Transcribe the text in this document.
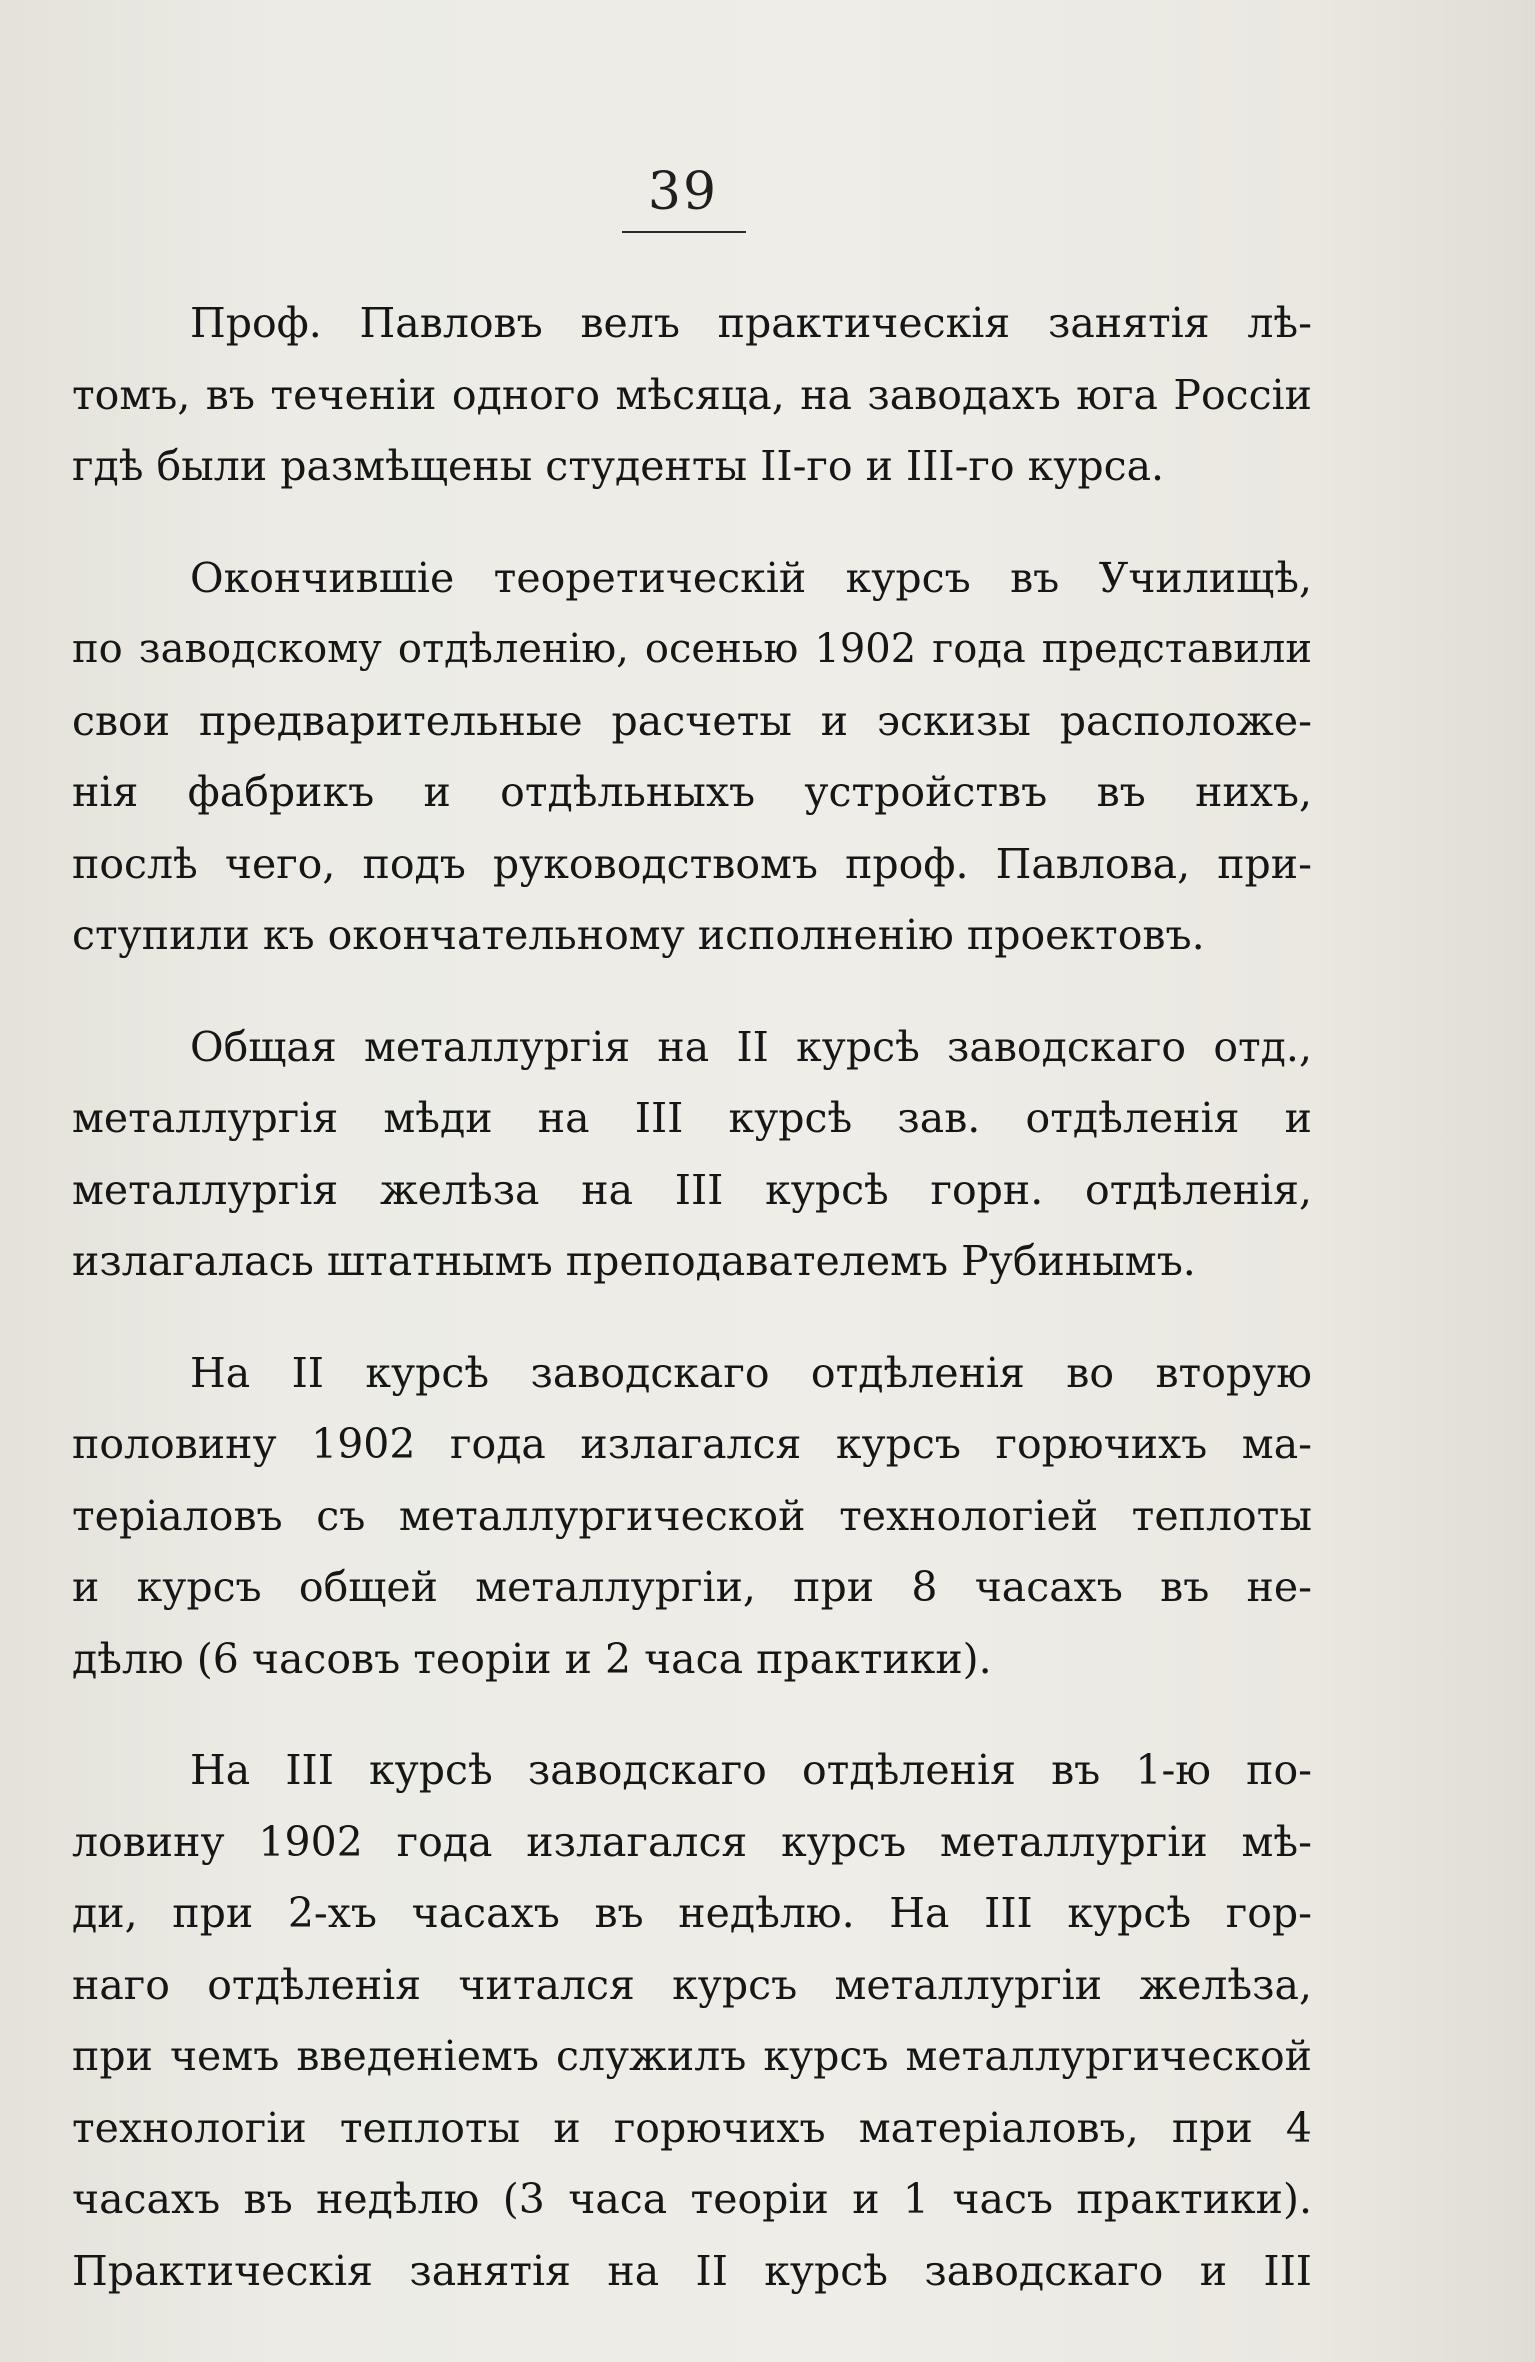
39
Проф. Павловъ велъ практическія занятія лѣ-
томъ, въ теченіи одного мѣсяца, на заводахъ юга Россіи
гдѣ были размѣщены студенты II-го и III-го курса.
Окончившіе теоретическій курсъ въ Училищѣ,
по заводскому отдѣленію, осенью 1902 года представили
свои предварительные расчеты и эскизы расположе-
нія фабрикъ и отдѣльныхъ устройствъ въ нихъ,
послѣ чего, подъ руководствомъ проф. Павлова, при-
ступили къ окончательному исполненію проектовъ.
Общая металлургія на II курсѣ заводскаго отд.,
металлургія мѣди на III курсѣ зав. отдѣленія и
металлургія желѣза на III курсѣ горн. отдѣленія,
излагалась штатнымъ преподавателемъ Рубинымъ.
На II курсѣ заводскаго отдѣленія во вторую
половину 1902 года излагался курсъ горючихъ ма-
теріаловъ съ металлургической технологіей теплоты
и курсъ общей металлургіи, при 8 часахъ въ не-
дѣлю (6 часовъ теоріи и 2 часа практики).
На III курсѣ заводскаго отдѣленія въ 1-ю по-
ловину 1902 года излагался курсъ металлургіи мѣ-
ди, при 2-хъ часахъ въ недѣлю. На III курсѣ гор-
наго отдѣленія читался курсъ металлургіи желѣза,
при чемъ введеніемъ служилъ курсъ металлургической
технологіи теплоты и горючихъ матеріаловъ, при 4
часахъ въ недѣлю (3 часа теоріи и 1 часъ практики).
Практическія занятія на II курсѣ заводскаго и III
